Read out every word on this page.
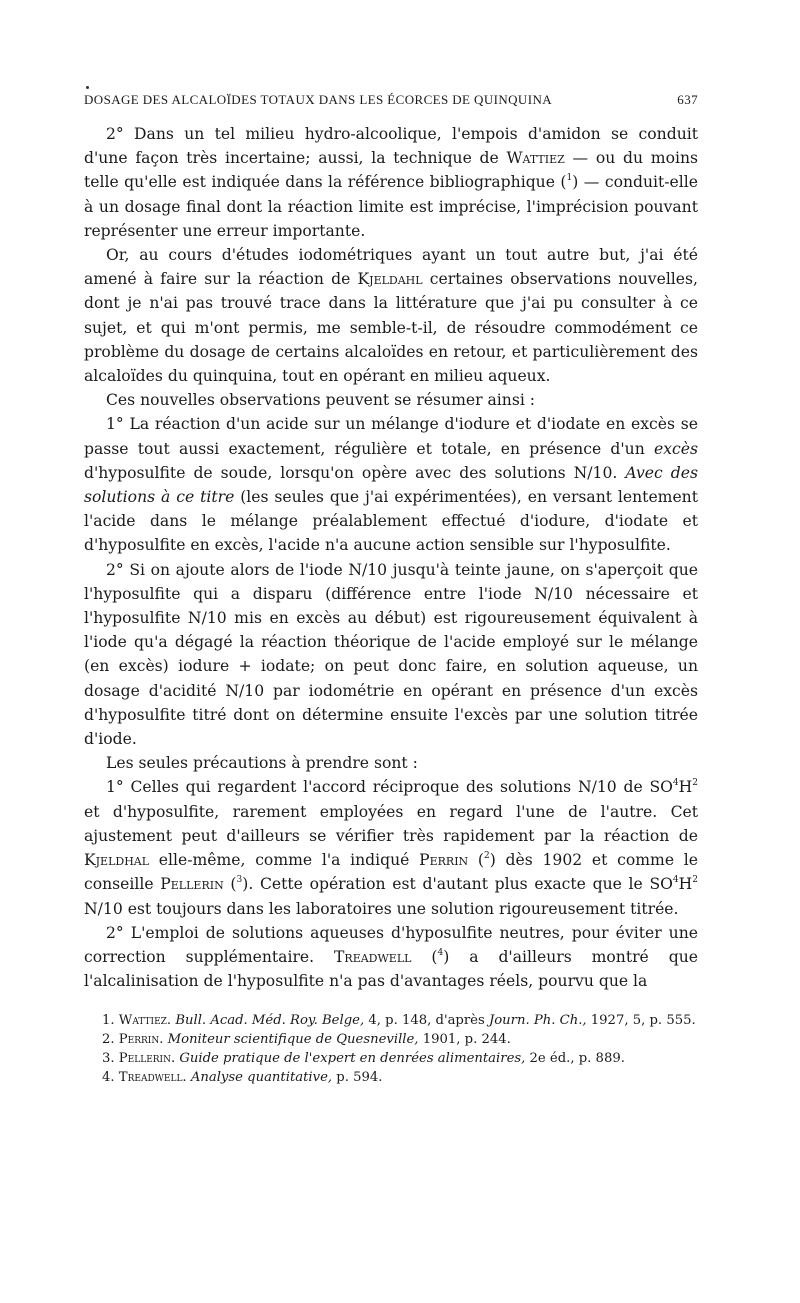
DOSAGE DES ALCALOÏDES TOTAUX DANS LES ÉCORCES DE QUINQUINA	637

2° Dans un tel milieu hydro-alcoolique, l'empois d'amidon se conduit d'une façon très incertaine; aussi, la technique de Wattiez — ou du moins telle qu'elle est indiquée dans la référence bibliographique ($^1$) — conduit-elle à un dosage final dont la réaction limite est imprécise, l'imprécision pouvant représenter une erreur importante.

Or, au cours d'études iodométriques ayant un tout autre but, j'ai été amené à faire sur la réaction de Kjeldahl certaines observations nouvelles, dont je n'ai pas trouvé trace dans la littérature que j'ai pu consulter à ce sujet, et qui m'ont permis, me semble-t-il, de résoudre commodément ce problème du dosage de certains alcaloïdes en retour, et particulièrement des alcaloïdes du quinquina, tout en opérant en milieu aqueux.

Ces nouvelles observations peuvent se résumer ainsi :

1° La réaction d'un acide sur un mélange d'iodure et d'iodate en excès se passe tout aussi exactement, régulière et totale, en présence d'un excès d'hyposulfite de soude, lorsqu'on opère avec des solutions N/10. Avec des solutions à ce titre (les seules que j'ai expérimentées), en versant lentement l'acide dans le mélange préalablement effectué d'iodure, d'iodate et d'hyposulfite en excès, l'acide n'a aucune action sensible sur l'hyposulfite.

2° Si on ajoute alors de l'iode N/10 jusqu'à teinte jaune, on s'aperçoit que l'hyposulfite qui a disparu (différence entre l'iode N/10 nécessaire et l'hyposulfite N/10 mis en excès au début) est rigoureusement équivalent à l'iode qu'a dégagé la réaction théorique de l'acide employé sur le mélange (en excès) iodure + iodate; on peut donc faire, en solution aqueuse, un dosage d'acidité N/10 par iodométrie en opérant en présence d'un excès d'hyposulfite titré dont on détermine ensuite l'excès par une solution titrée d'iode.

Les seules précautions à prendre sont :

1° Celles qui regardent l'accord réciproque des solutions N/10 de $SO^4H^2$ et d'hyposulfite, rarement employées en regard l'une de l'autre. Cet ajustement peut d'ailleurs se vérifier très rapidement par la réaction de Kjeldhal elle-même, comme l'a indiqué Perrin ($^2$) dès 1902 et comme le conseille Pellerin ($^3$). Cette opération est d'autant plus exacte que le $SO^4H^2$ N/10 est toujours dans les laboratoires une solution rigoureusement titrée.

2° L'emploi de solutions aqueuses d'hyposulfite neutres, pour éviter une correction supplémentaire. Treadwell ($^4$) a d'ailleurs montré que l'alcalinisation de l'hyposulfite n'a pas d'avantages réels, pourvu que la

1. Wattiez. Bull. Acad. Méd. Roy. Belge, 4, p. 148, d'après Journ. Ph. Ch., 1927, 5, p. 555.

2. Perrin. Moniteur scientifique de Quesneville, 1901, p. 244.

3. Pellerin. Guide pratique de l'expert en denrées alimentaires, 2e éd., p. 889.

4. Treadwell. Analyse quantitative, p. 594.
